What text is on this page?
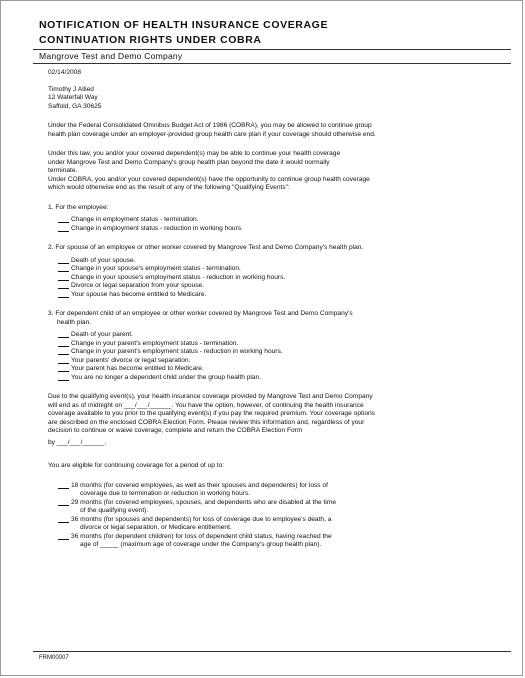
NOTIFICATION OF HEALTH INSURANCE COVERAGE
CONTINUATION RIGHTS UNDER COBRA
Mangrove Test and Demo Company

02/14/2008

Timothy J Allied

12 Waterfall Way

Saffold, GA 30625

Under the Federal Consolidated Omnibus Budget Act of 1986 (COBRA), you may be allowed to continue group

health plan coverage under an employer-provided group health care plan if your coverage should otherwise end.

Under this law, you and/or your covered dependent(s) may be able to continue your health coverage

under Mangrove Test and Demo Company's group health plan beyond the date it would normally

terminate.

Under COBRA, you and/or your covered dependent(s) have the opportunity to continue group health coverage

which would otherwise end as the result of any of the following "Qualifying Events":

1. For the employee:

Change in employment status - termination.
Change in employment status - reduction in working hours.

2. For spouse of an employee or other worker covered by Mangrove Test and Demo Company's health plan.

Death of your spouse.
Change in your spouse's employment status - termination.
Change in your spouse's employment status - reduction in working hours.
Divorce or legal separation from your spouse.
Your spouse has become entitled to Medicare.

3. For dependent child of an employee or other worker covered by Mangrove Test and Demo Company's

health plan.

Death of your parent.
Change in your parent's employment status - termination.
Change in your parent's employment status - reduction in working hours.
Your parents' divorce or legal separation.
Your parent has become entitled to Medicare.
You are no longer a dependent child under the group health plan.

Due to the qualifying event(s), your health insurance coverage provided by Mangrove Test and Demo Company

will end as of midnight on ___/___/______. You have the option, however, of continuing the health insurance

coverage available to you prior to the qualifying event(s) if you pay the required premium. Your coverage options

are described on the enclosed COBRA Election Form. Please review this information and, regardless of your

decision to continue or waive coverage, complete and return the COBRA Election Form

by ___/___/______.

You are eligible for continuing coverage for a period of up to:

18 months (for covered employees, as well as their spouses and dependents) for loss of

coverage due to termination or reduction in working hours.

29 months (for covered employees, spouses, and dependents who are disabled at the time

of the qualifying event).

36 months (for spouses and dependents) for loss of coverage due to employee's death, a

divorce or legal separation, or Medicare entitlement.

36 months (for dependent children) for loss of dependent child status, having reached the

age of _____ (maximum age of coverage under the Company's group health plan).

FRM00007
